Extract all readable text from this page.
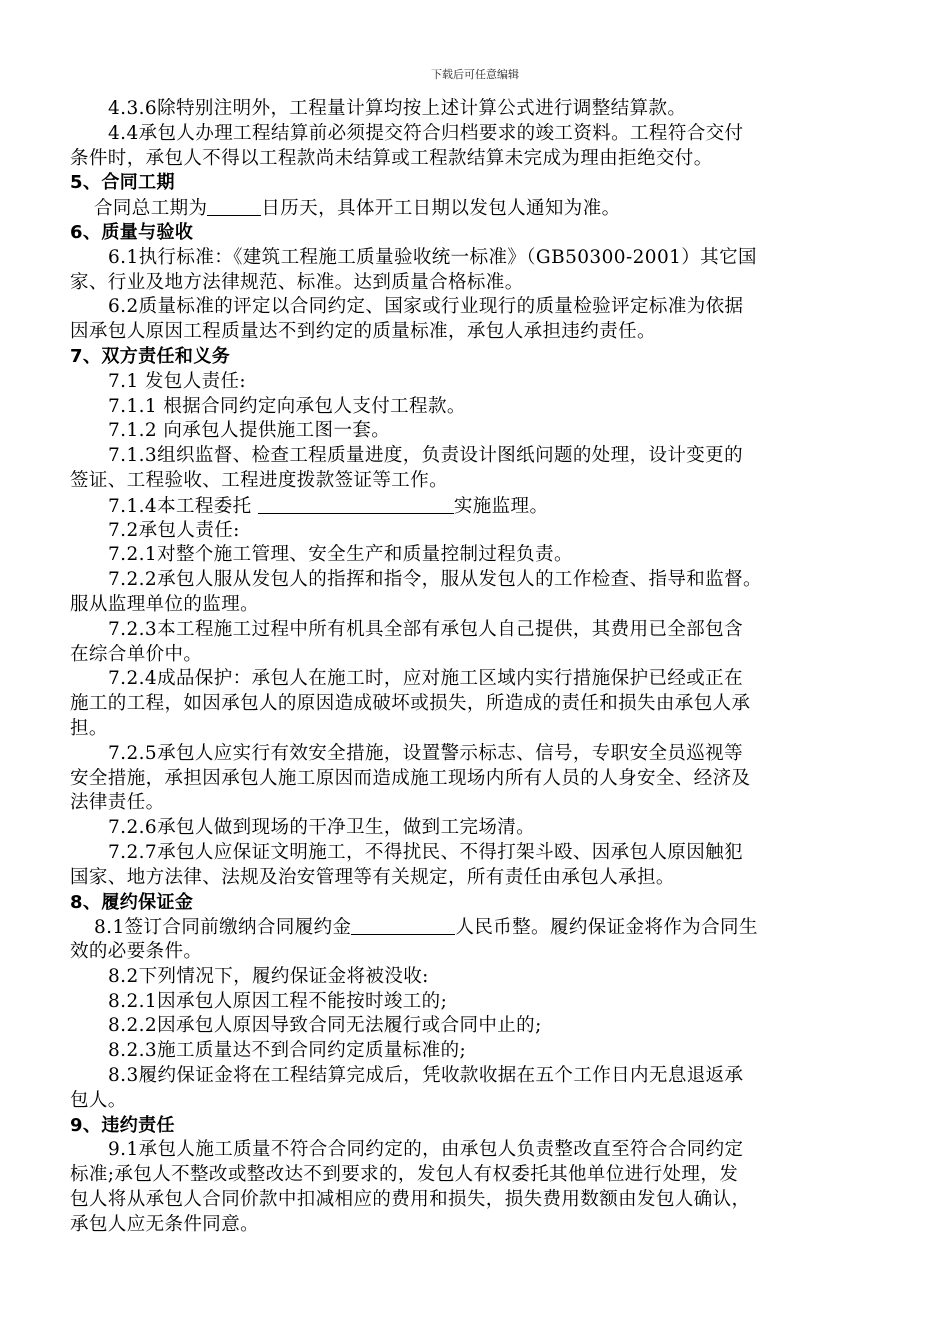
下载后可任意编辑
4.3.6除特别注明外，工程量计算均按上述计算公式进行调整结算款。
4.4承包人办理工程结算前必须提交符合归档要求的竣工资料。工程符合交付
条件时，承包人不得以工程款尚未结算或工程款结算未完成为理由拒绝交付。
5、合同工期
合同总工期为	日历天，具体开工日期以发包人通知为准。
6、质量与验收
6.1执行标准：《建筑工程施工质量验收统一标准》（GB50300-2001）其它国
家、行业及地方法律规范、标准。达到质量合格标准。
6.2质量标准的评定以合同约定、国家或行业现行的质量检验评定标准为依据
因承包人原因工程质量达不到约定的质量标准，承包人承担违约责任。
7、双方责任和义务
7.1 发包人责任:
7.1.1 根据合同约定向承包人支付工程款。
7.1.2 向承包人提供施工图一套。
7.1.3组织监督、检查工程质量进度，负责设计图纸问题的处理，设计变更的
签证、工程验收、工程进度拨款签证等工作。
7.1.4本工程委托	实施监理。
7.2承包人责任:
7.2.1对整个施工管理、安全生产和质量控制过程负责。
7.2.2承包人服从发包人的指挥和指令，服从发包人的工作检查、指导和监督。
服从监理单位的监理。
7.2.3本工程施工过程中所有机具全部有承包人自己提供，其费用已全部包含
在综合单价中。
7.2.4成品保护：承包人在施工时，应对施工区域内实行措施保护已经或正在
施工的工程，如因承包人的原因造成破坏或损失，所造成的责任和损失由承包人承
担。
7.2.5承包人应实行有效安全措施，设置警示标志、信号，专职安全员巡视等
安全措施，承担因承包人施工原因而造成施工现场内所有人员的人身安全、经济及
法律责任。
7.2.6承包人做到现场的干净卫生，做到工完场清。
7.2.7承包人应保证文明施工，不得扰民、不得打架斗殴、因承包人原因触犯
国家、地方法律、法规及治安管理等有关规定，所有责任由承包人承担。
8、履约保证金
8.1签订合同前缴纳合同履约金	人民币整。履约保证金将作为合同生
效的必要条件。
8.2下列情况下，履约保证金将被没收:
8.2.1因承包人原因工程不能按时竣工的;
8.2.2因承包人原因导致合同无法履行或合同中止的;
8.2.3施工质量达不到合同约定质量标准的;
8.3履约保证金将在工程结算完成后，凭收款收据在五个工作日内无息退返承
包人。
9、违约责任
9.1承包人施工质量不符合合同约定的，由承包人负责整改直至符合合同约定
标准;承包人不整改或整改达不到要求的，发包人有权委托其他单位进行处理，发
包人将从承包人合同价款中扣减相应的费用和损失，损失费用数额由发包人确认，
承包人应无条件同意。
